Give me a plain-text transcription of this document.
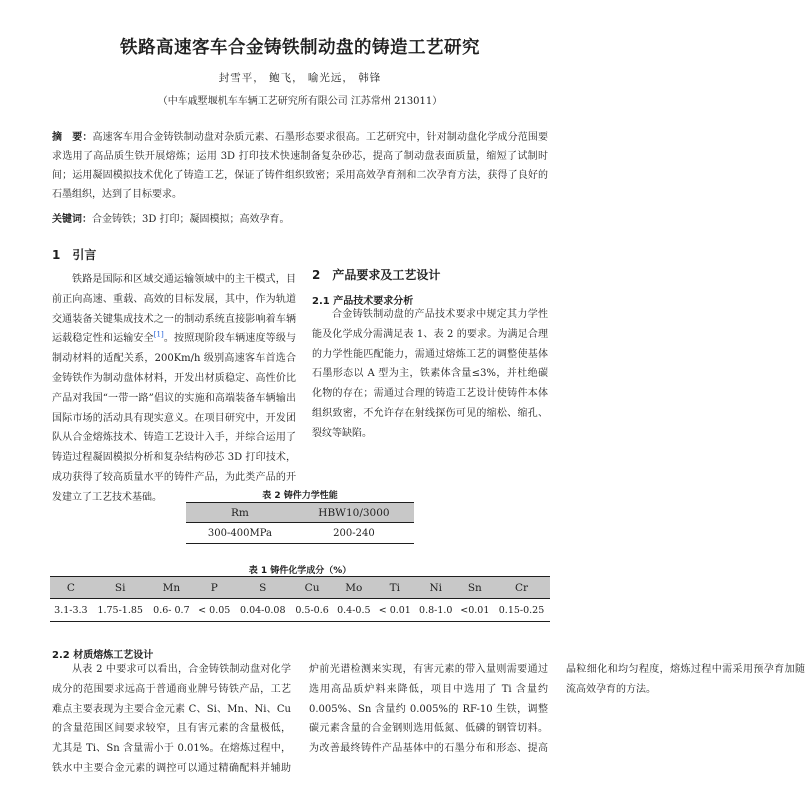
铁路高速客车合金铸铁制动盘的铸造工艺研究
封雪平， 鲍飞， 喻光远， 韩锋
（中车戚墅堰机车车辆工艺研究所有限公司 江苏常州 213011）
摘　要：高速客车用合金铸铁制动盘对杂质元素、石墨形态要求很高。工艺研究中，针对制动盘化学成分范围要求选用了高品质生铁开展熔炼；运用 3D 打印技术快速制备复杂砂芯，提高了制动盘表面质量，缩短了试制时间；运用凝固模拟技术优化了铸造工艺，保证了铸件组织致密；采用高效孕育剂和二次孕育方法，获得了良好的石墨组织，达到了目标要求。
关键词：合金铸铁；3D 打印；凝固模拟；高效孕育。
1　引言

铁路是国际和区域交通运输领域中的主干模式，目前正向高速、重载、高效的目标发展，其中，作为轨道交通装备关键集成技术之一的制动系统直接影响着车辆运载稳定性和运输安全[1]。按照现阶段车辆速度等级与制动材料的适配关系，200Km/h 级别高速客车首选合金铸铁作为制动盘体材料，开发出材质稳定、高性价比产品对我国“一带一路”倡议的实施和高端装备车辆输出国际市场的活动具有现实意义。在项目研究中，开发团队从合金熔炼技术、铸造工艺设计入手，并综合运用了铸造过程凝固模拟分析和复杂结构砂芯 3D 打印技术，成功获得了较高质量水平的铸件产品，为此类产品的开发建立了工艺技术基础。

2　产品要求及工艺设计
2.1 产品技术要求分析

合金铸铁制动盘的产品技术要求中规定其力学性能及化学成分需满足表 1、表 2 的要求。为满足合理的力学性能匹配能力，需通过熔炼工艺的调整使基体石墨形态以 A 型为主，铁素体含量≤3%，并杜绝碳化物的存在；需通过合理的铸造工艺设计使铸件本体组织致密，不允许存在射线探伤可见的缩松、缩孔、裂纹等缺陷。

表 2 铸件力学性能
Rm	HBW10/3000
300-400MPa	200-240
表 1 铸件化学成分（%）
C	Si	Mn	P	S	Cu	Mo	Ti	Ni	Sn	Cr
3.1-3.3	1.75-1.85	0.6- 0.7	< 0.05	0.04-0.08	0.5-0.6	0.4-0.5	< 0.01	0.8-1.0	<0.01	0.15-0.25
2.2 材质熔炼工艺设计

从表 2 中要求可以看出，合金铸铁制动盘对化学成分的范围要求远高于普通商业牌号铸铁产品，工艺难点主要表现为主要合金元素 C、Si、Mn、Ni、Cu 的含量范围区间要求较窄，且有害元素的含量极低，尤其是 Ti、Sn 含量需小于 0.01%。在熔炼过程中，铁水中主要合金元素的调控可以通过精确配料并辅助炉前光谱检测来实现，有害元素的带入量则需要通过选用高品质炉料来降低，项目中选用了 Ti 含量约 0.005%、Sn 含量约 0.005%的 RF-10 生铁，调整碳元素含量的合金钢则选用低氮、低磷的钢管切料。为改善最终铸件产品基体中的石墨分布和形态、提高晶粒细化和均匀程度，熔炼过程中需采用预孕育加随流高效孕育的方法。
